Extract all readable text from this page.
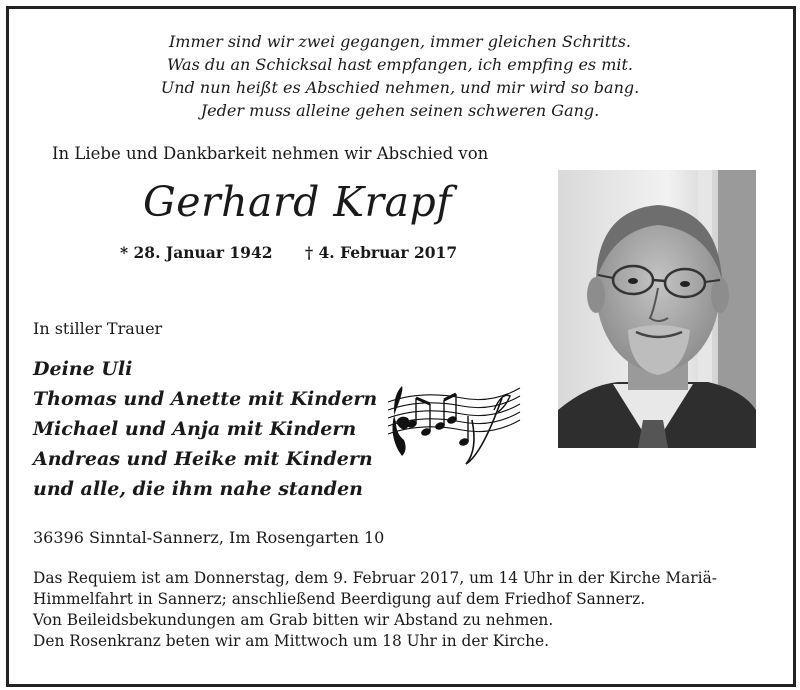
Immer sind wir zwei gegangen, immer gleichen Schritts.
Was du an Schicksal hast empfangen, ich empfing es mit.
Und nun heißt es Abschied nehmen, und mir wird so bang.
Jeder muss alleine gehen seinen schweren Gang.
In Liebe und Dankbarkeit nehmen wir Abschied von
Gerhard Krapf
* 28. Januar 1942 † 4. Februar 2017
In stiller Trauer
Deine Uli
Thomas und Anette mit Kindern
Michael und Anja mit Kindern
Andreas und Heike mit Kindern
und alle, die ihm nahe standen
36396 Sinntal-Sannerz, Im Rosengarten 10
Das Requiem ist am Donnerstag, dem 9. Februar 2017, um 14 Uhr in der Kirche Mariä-
Himmelfahrt in Sannerz; anschließend Beerdigung auf dem Friedhof Sannerz.
Von Beileidsbekundungen am Grab bitten wir Abstand zu nehmen.
Den Rosenkranz beten wir am Mittwoch um 18 Uhr in der Kirche.
